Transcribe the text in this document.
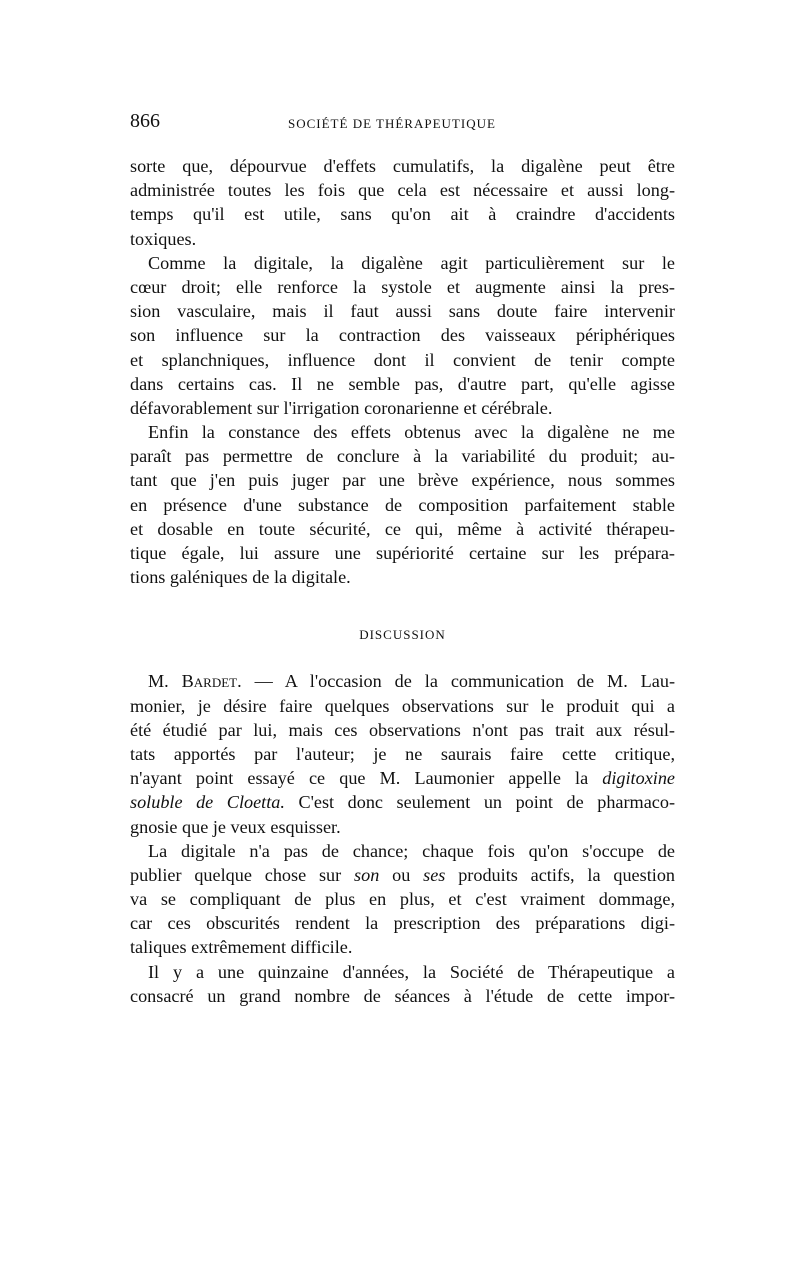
866	SOCIÉTÉ DE THÉRAPEUTIQUE
sorte que, dépourvue d'effets cumulatifs, la digalène peut être
administrée toutes les fois que cela est nécessaire et aussi long-
temps qu'il est utile, sans qu'on ait à craindre d'accidents
toxiques.
Comme la digitale, la digalène agit particulièrement sur le
cœur droit; elle renforce la systole et augmente ainsi la pres-
sion vasculaire, mais il faut aussi sans doute faire intervenir
son influence sur la contraction des vaisseaux périphériques
et splanchniques, influence dont il convient de tenir compte
dans certains cas. Il ne semble pas, d'autre part, qu'elle agisse
défavorablement sur l'irrigation coronarienne et cérébrale.
Enfin la constance des effets obtenus avec la digalène ne me
paraît pas permettre de conclure à la variabilité du produit; au-
tant que j'en puis juger par une brève expérience, nous sommes
en présence d'une substance de composition parfaitement stable
et dosable en toute sécurité, ce qui, même à activité thérapeu-
tique égale, lui assure une supériorité certaine sur les prépara-
tions galéniques de la digitale.
DISCUSSION
M. Bardet. — A l'occasion de la communication de M. Lau-
monier, je désire faire quelques observations sur le produit qui a
été étudié par lui, mais ces observations n'ont pas trait aux résul-
tats apportés par l'auteur; je ne saurais faire cette critique,
n'ayant point essayé ce que M. Laumonier appelle la digitoxine
soluble de Cloetta. C'est donc seulement un point de pharmaco-
gnosie que je veux esquisser.
La digitale n'a pas de chance; chaque fois qu'on s'occupe de
publier quelque chose sur son ou ses produits actifs, la question
va se compliquant de plus en plus, et c'est vraiment dommage,
car ces obscurités rendent la prescription des préparations digi-
taliques extrêmement difficile.
Il y a une quinzaine d'années, la Société de Thérapeutique a
consacré un grand nombre de séances à l'étude de cette impor-
